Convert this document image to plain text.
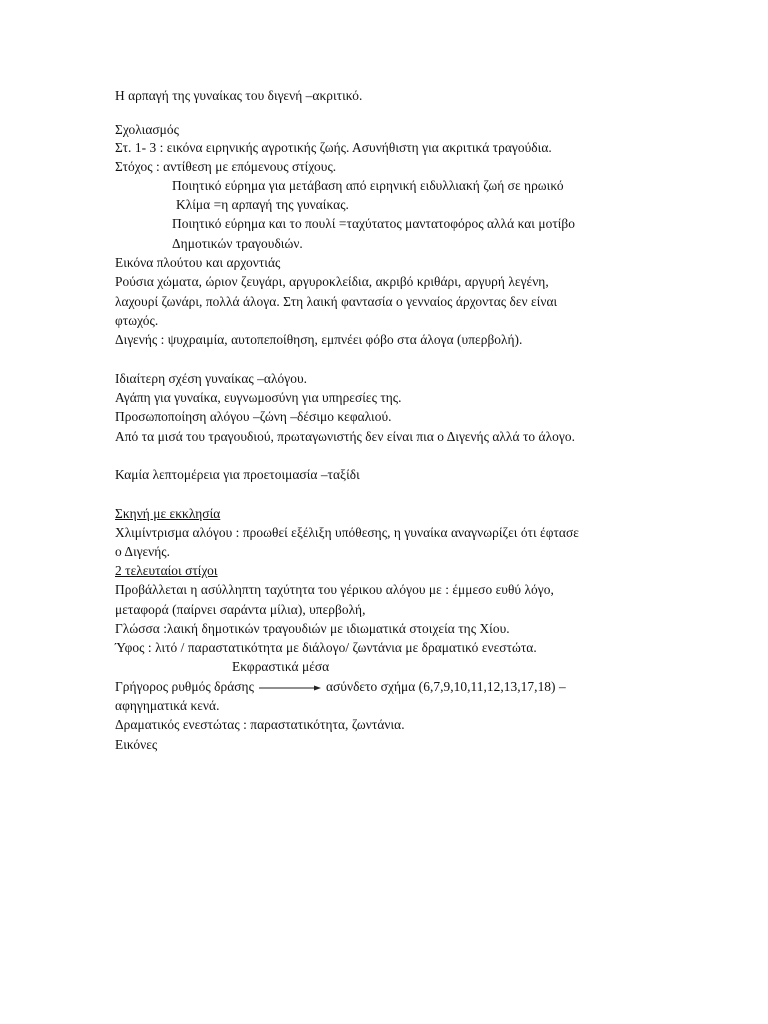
Η αρπαγή της γυναίκας του διγενή –ακριτικό.
Σχολιασμός
Στ. 1- 3 : εικόνα ειρηνικής αγροτικής ζωής. Ασυνήθιστη για ακριτικά τραγούδια.
Στόχος : αντίθεση με επόμενους στίχους.
Ποιητικό εύρημα για μετάβαση από ειρηνική ειδυλλιακή ζωή σε ηρωικό
Κλίμα =η αρπαγή της γυναίκας.
Ποιητικό εύρημα και το πουλί =ταχύτατος μαντατοφόρος αλλά και μοτίβο
Δημοτικών τραγουδιών.
Εικόνα πλούτου και αρχοντιάς
Ρούσια χώματα, ώριον ζευγάρι, αργυροκλείδια, ακριβό κριθάρι, αργυρή λεγένη,
λαχουρί ζωνάρι, πολλά άλογα. Στη λαική φαντασία ο γενναίος άρχοντας δεν είναι
φτωχός.
Διγενής : ψυχραιμία, αυτοπεποίθηση, εμπνέει φόβο στα άλογα (υπερβολή).
Ιδιαίτερη σχέση γυναίκας –αλόγου.
Αγάπη για γυναίκα, ευγνωμοσύνη για υπηρεσίες της.
Προσωποποίηση αλόγου –ζώνη –δέσιμο κεφαλιού.
Από τα μισά του τραγουδιού, πρωταγωνιστής δεν είναι πια ο Διγενής αλλά το άλογο.
Καμία λεπτομέρεια για προετοιμασία –ταξίδι
Σκηνή με εκκλησία
Χλιμίντρισμα αλόγου : προωθεί εξέλιξη υπόθεσης, η γυναίκα αναγνωρίζει ότι έφτασε
ο Διγενής.
2 τελευταίοι στίχοι
Προβάλλεται η ασύλληπτη ταχύτητα του γέρικου αλόγου με : έμμεσο ευθύ λόγο,
μεταφορά (παίρνει σαράντα μίλια), υπερβολή,
Γλώσσα :λαική δημοτικών τραγουδιών με ιδιωματικά στοιχεία της Χίου.
Ύφος : λιτό / παραστατικότητα με διάλογο/ ζωντάνια με δραματικό ενεστώτα.
Εκφραστικά μέσα
Γρήγορος ρυθμός δράσης	ασύνδετο σχήμα (6,7,9,10,11,12,13,17,18) –
αφηγηματικά κενά.
Δραματικός ενεστώτας : παραστατικότητα, ζωντάνια.
Εικόνες
